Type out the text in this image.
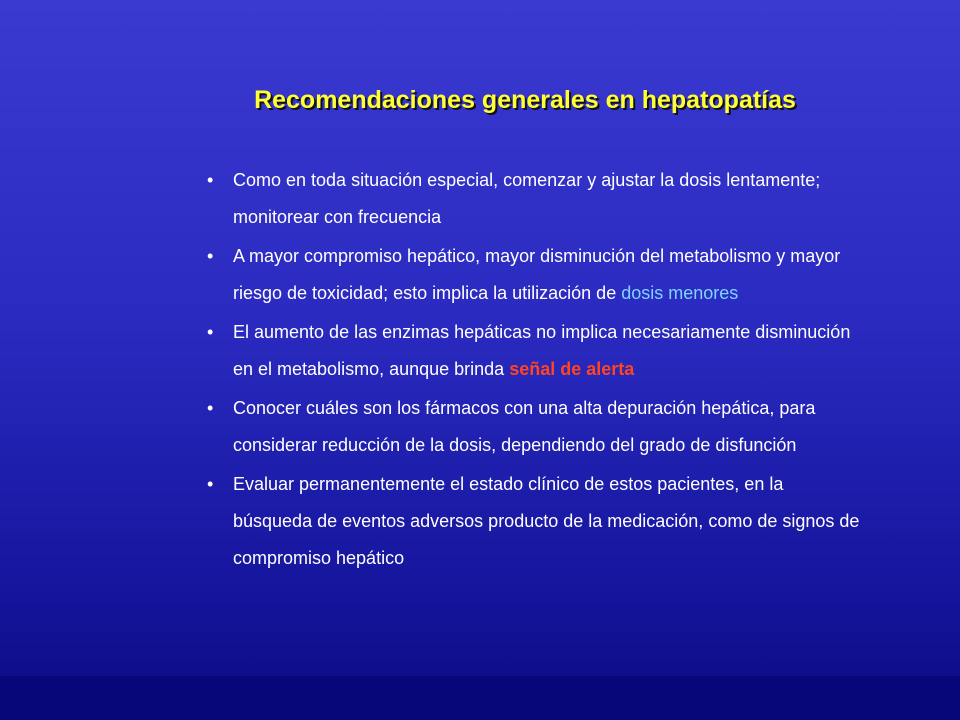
Recomendaciones generales en hepatopatías
• Como en toda situación especial, comenzar y ajustar la dosis lentamente; monitorear con frecuencia
• A mayor compromiso hepático, mayor disminución del metabolismo y mayor riesgo de toxicidad; esto implica la utilización de dosis menores
• El aumento de las enzimas hepáticas no implica necesariamente disminución en el metabolismo, aunque brinda señal de alerta
• Conocer cuáles son los fármacos con una alta depuración hepática, para considerar reducción de la dosis, dependiendo del grado de disfunción
• Evaluar permanentemente el estado clínico de estos pacientes, en la búsqueda de eventos adversos producto de la medicación, como de signos de compromiso hepático
